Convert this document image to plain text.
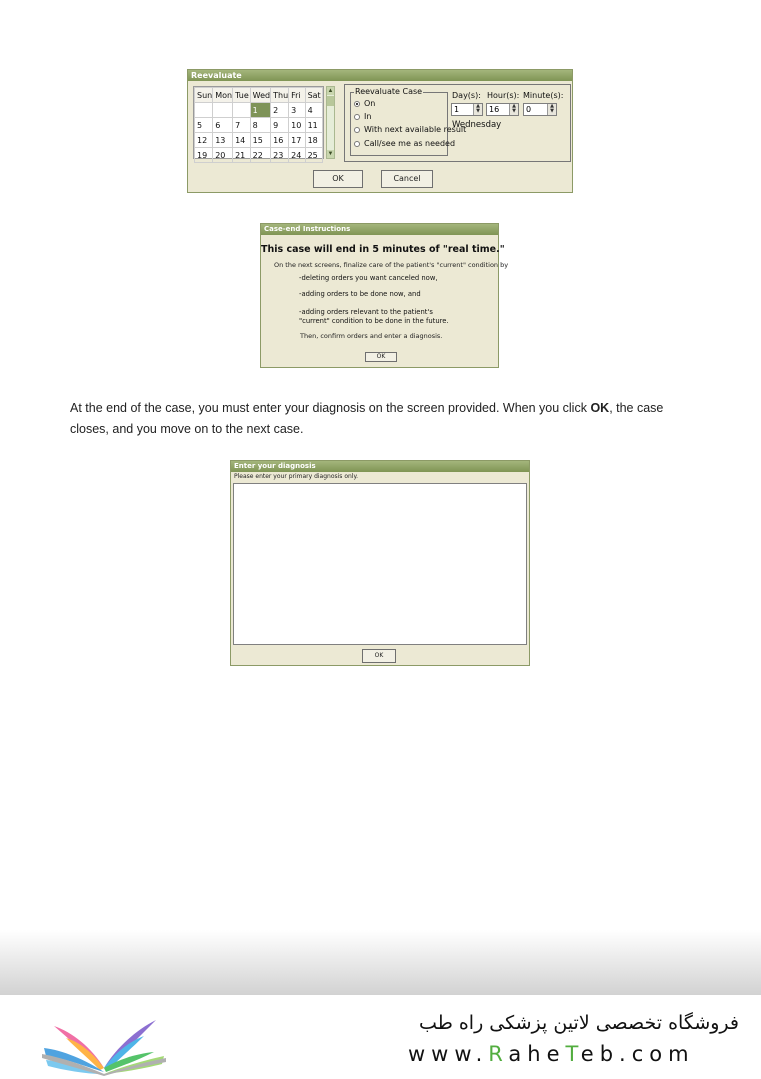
Reevaluate
Sun	Mon	Tue	Wed	Thu	Fri	Sat
			1	2	3	4
5	6	7	8	9	10	11
12	13	14	15	16	17	18
19	20	21	22	23	24	25
▲
▼
Reevaluate Case
On
In
With next available result
Call/see me as needed
Day(s): Hour(s): Minute(s):
1	▲
▼	16	▲
▼	0	▲
▼
Wednesday
OK	Cancel
Case-end Instructions
This case will end in 5 minutes of "real time."
On the next screens, finalize care of the patient's "current" condition by
-deleting orders you want canceled now,
-adding orders to be done now, and
-adding orders relevant to the patient's
"current" condition to be done in the future.
Then, confirm orders and enter a diagnosis.
OK
At the end of the case, you must enter your diagnosis on the screen provided. When you click OK, the case closes, and you move on to the next case.
Enter your diagnosis
Please enter your primary diagnosis only.
OK
فروشگاه تخصصی لاتین پزشکی راه طب
www.RaheTeb.com
